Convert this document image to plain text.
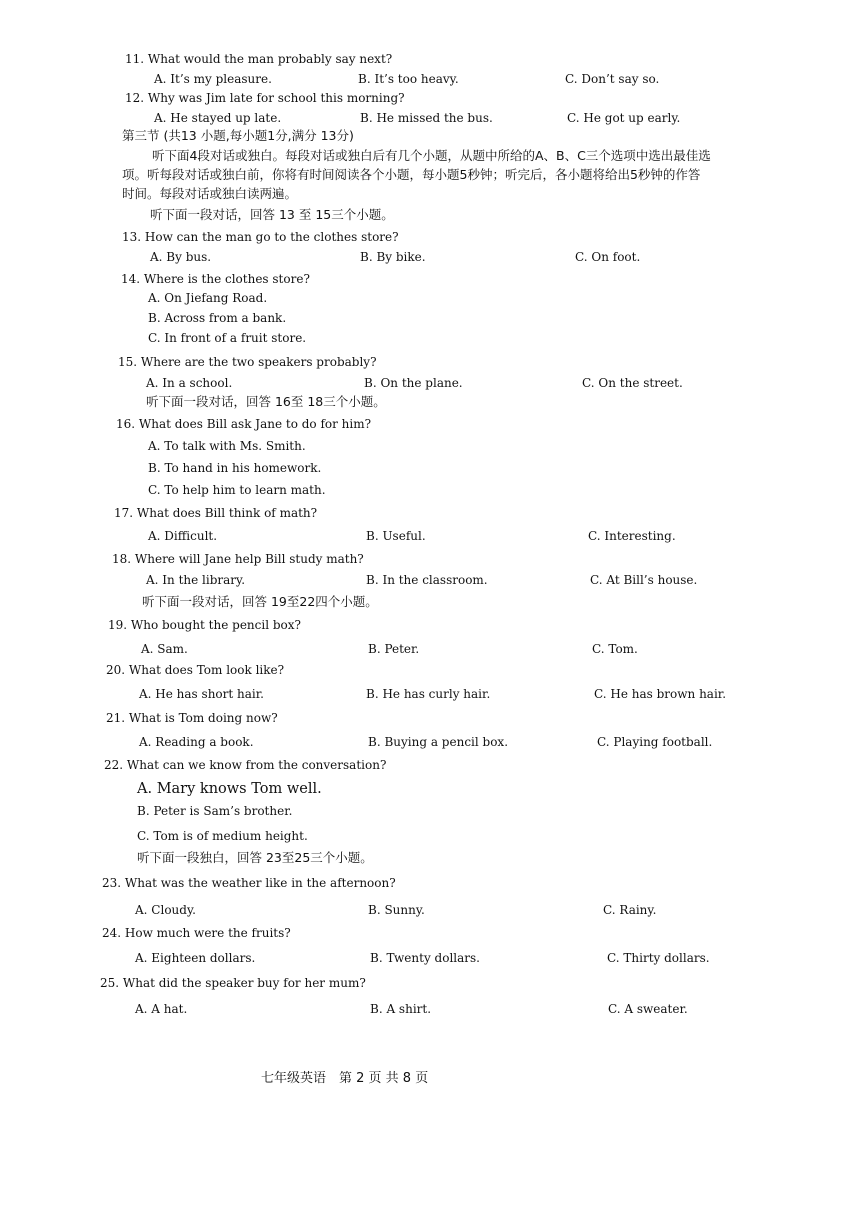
11. What would the man probably say next?
A. It’s my pleasure.	B. It’s too heavy.	C. Don’t say so.
12. Why was Jim late for school this morning?
A. He stayed up late.	B. He missed the bus.	C. He got up early.
第三节 (共13 小题,每小题1分,满分 13分)
听下面4段对话或独白。每段对话或独白后有几个小题，从题中所给的A、B、C三个选项中选出最佳选
项。听每段对话或独白前，你将有时间阅读各个小题，每小题5秒钟；听完后，各小题将给出5秒钟的作答
时间。每段对话或独白读两遍。
听下面一段对话，回答 13 至 15三个小题。
13. How can the man go to the clothes store?
A. By bus.	B. By bike.	C. On foot.
14. Where is the clothes store?
A. On Jiefang Road.
B. Across from a bank.
C. In front of a fruit store.
15. Where are the two speakers probably?
A. In a school.	B. On the plane.	C. On the street.
听下面一段对话，回答 16至 18三个小题。
16. What does Bill ask Jane to do for him?
A. To talk with Ms. Smith.
B. To hand in his homework.
C. To help him to learn math.
17. What does Bill think of math?
A. Difficult.	B. Useful.	C. Interesting.
18. Where will Jane help Bill study math?
A. In the library.	B. In the classroom.	C. At Bill’s house.
听下面一段对话，回答 19至22四个小题。
19. Who bought the pencil box?
A. Sam.	B. Peter.	C. Tom.
20. What does Tom look like?
A. He has short hair.	B. He has curly hair.	C. He has brown hair.
21. What is Tom doing now?
A. Reading a book.	B. Buying a pencil box.	C. Playing football.
22. What can we know from the conversation?
A. Mary knows Tom well.
B. Peter is Sam’s brother.
C. Tom is of medium height.
听下面一段独白，回答 23至25三个小题。
23. What was the weather like in the afternoon?
A. Cloudy.	B. Sunny.	C. Rainy.
24. How much were the fruits?
A. Eighteen dollars.	B. Twenty dollars.	C. Thirty dollars.
25. What did the speaker buy for her mum?
A. A hat.	B. A shirt.	C. A sweater.
七年级英语　第 2 页 共 8 页
